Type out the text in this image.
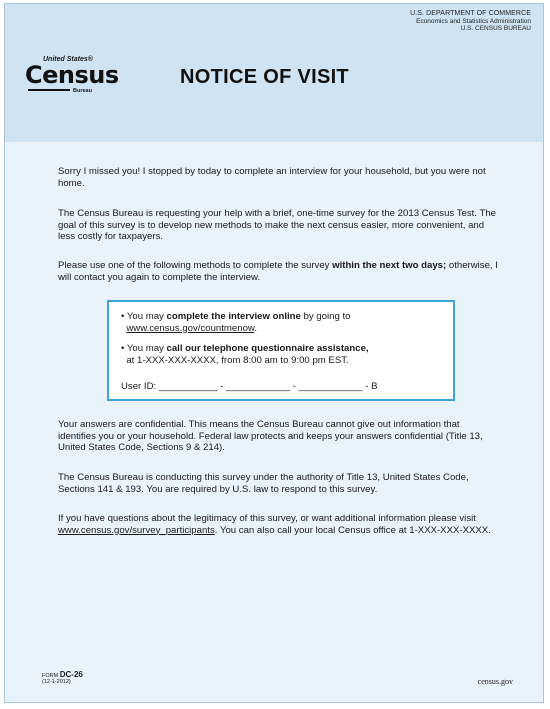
U.S. DEPARTMENT OF COMMERCE
Economics and Statistics Administration
U.S. CENSUS BUREAU
United States®
Census
Bureau
NOTICE OF VISIT
Sorry I missed you! I stopped by today to complete an interview for your household, but you were not home.
The Census Bureau is requesting your help with a brief, one-time survey for the 2013 Census Test. The goal of this survey is to develop new methods to make the next census easier, more convenient, and less costly for taxpayers.
Please use one of the following methods to complete the survey within the next two days; otherwise, I will contact you again to complete the interview.
• You may complete the interview online by going to
www.census.gov/countmenow.
• You may call our telephone questionnaire assistance,
at 1-XXX-XXX-XXXX, from 8:00 am to 9:00 pm EST.
User ID: ___________ - ____________ - ____________ - B
Your answers are confidential. This means the Census Bureau cannot give out information that identifies you or your household. Federal law protects and keeps your answers confidential (Title 13, United States Code, Sections 9 & 214).
The Census Bureau is conducting this survey under the authority of Title 13, United States Code, Sections 141 & 193. You are required by U.S. law to respond to this survey.
If you have questions about the legitimacy of this survey, or want additional information please visit www.census.gov/survey_participants. You can also call your local Census office at 1-XXX-XXX-XXXX.
FORM DC-26
(12-1-2012)	census.gov
